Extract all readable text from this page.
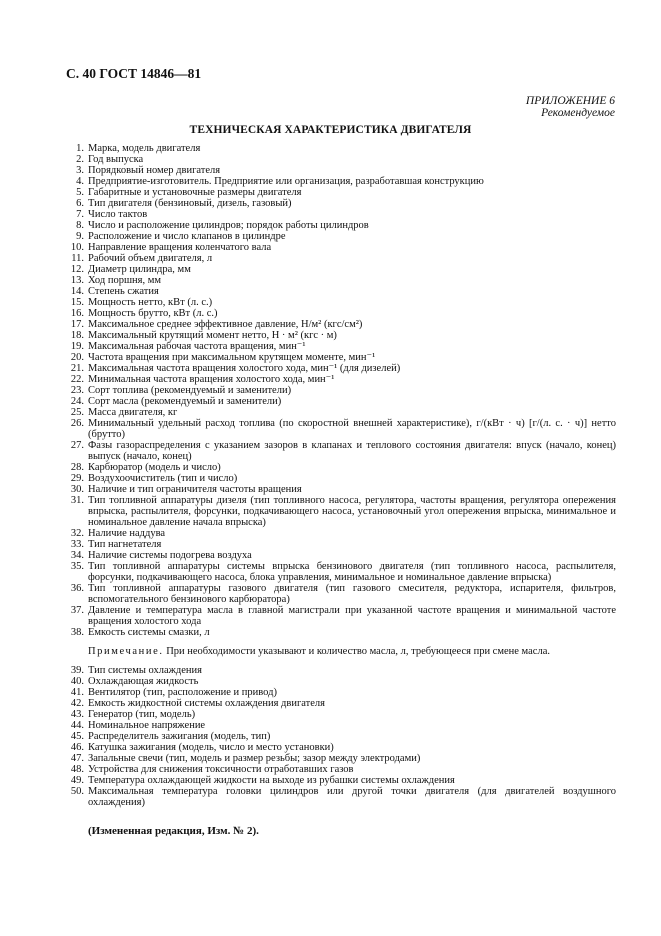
С. 40 ГОСТ 14846—81
ПРИЛОЖЕНИЕ 6
Рекомендуемое
ТЕХНИЧЕСКАЯ ХАРАКТЕРИСТИКА ДВИГАТЕЛЯ
1. Марка, модель двигателя
2. Год выпуска
3. Порядковый номер двигателя
4. Предприятие-изготовитель. Предприятие или организация, разработавшая конструкцию
5. Габаритные и установочные размеры двигателя
6. Тип двигателя (бензиновый, дизель, газовый)
7. Число тактов
8. Число и расположение цилиндров; порядок работы цилиндров
9. Расположение и число клапанов в цилиндре
10. Направление вращения коленчатого вала
11. Рабочий объем двигателя, л
12. Диаметр цилиндра, мм
13. Ход поршня, мм
14. Степень сжатия
15. Мощность нетто, кВт (л. с.)
16. Мощность брутто, кВт (л. с.)
17. Максимальное среднее эффективное давление, Н/м² (кгс/см²)
18. Максимальный крутящий момент нетто, Н · м² (кгс · м)
19. Максимальная рабочая частота вращения, мин⁻¹
20. Частота вращения при максимальном крутящем моменте, мин⁻¹
21. Максимальная частота вращения холостого хода, мин⁻¹ (для дизелей)
22. Минимальная частота вращения холостого хода, мин⁻¹
23. Сорт топлива (рекомендуемый и заменители)
24. Сорт масла (рекомендуемый и заменители)
25. Масса двигателя, кг
26. Минимальный удельный расход топлива (по скоростной внешней характеристике), г/(кВт · ч) [г/(л. с. · ч)] нетто (брутто)
27. Фазы газораспределения с указанием зазоров в клапанах и теплового состояния двигателя: впуск (начало, конец) выпуск (начало, конец)
28. Карбюратор (модель и число)
29. Воздухоочиститель (тип и число)
30. Наличие и тип ограничителя частоты вращения
31. Тип топливной аппаратуры дизеля (тип топливного насоса, регулятора, частоты вращения, регулятора опережения впрыска, распылителя, форсунки, подкачивающего насоса, установочный угол опережения впрыска, минимальное и номинальное давление начала впрыска)
32. Наличие наддува
33. Тип нагнетателя
34. Наличие системы подогрева воздуха
35. Тип топливной аппаратуры системы впрыска бензинового двигателя (тип топливного насоса, распылителя, форсунки, подкачивающего насоса, блока управления, минимальное и номинальное давление впрыска)
36. Тип топливной аппаратуры газового двигателя (тип газового смесителя, редуктора, испарителя, фильтров, вспомогательного бензинового карбюратора)
37. Давление и температура масла в главной магистрали при указанной частоте вращения и минимальной частоте вращения холостого хода
38. Емкость системы смазки, л
Примечание. При необходимости указывают и количество масла, л, требующееся при смене масла.
39. Тип системы охлаждения
40. Охлаждающая жидкость
41. Вентилятор (тип, расположение и привод)
42. Емкость жидкостной системы охлаждения двигателя
43. Генератор (тип, модель)
44. Номинальное напряжение
45. Распределитель зажигания (модель, тип)
46. Катушка зажигания (модель, число и место установки)
47. Запальные свечи (тип, модель и размер резьбы; зазор между электродами)
48. Устройства для снижения токсичности отработавших газов
49. Температура охлаждающей жидкости на выходе из рубашки системы охлаждения
50. Максимальная температура головки цилиндров или другой точки двигателя (для двигателей воздушного охлаждения)
(Измененная редакция, Изм. № 2).
